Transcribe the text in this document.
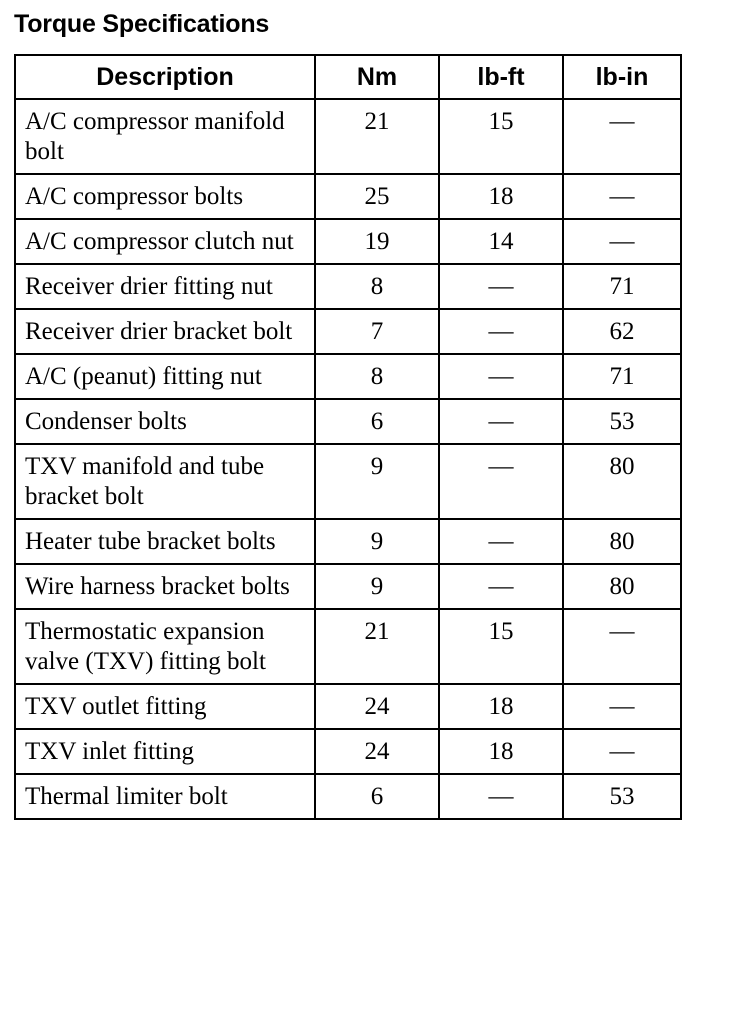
Torque Specifications
Description	Nm	lb-ft	lb-in
A/C compressor manifold bolt	21	15	—
A/C compressor bolts	25	18	—
A/C compressor clutch nut	19	14	—
Receiver drier fitting nut	8	—	71
Receiver drier bracket bolt	7	—	62
A/C (peanut) fitting nut	8	—	71
Condenser bolts	6	—	53
TXV manifold and tube bracket bolt	9	—	80
Heater tube bracket bolts	9	—	80
Wire harness bracket bolts	9	—	80
Thermostatic expansion valve (TXV) fitting bolt	21	15	—
TXV outlet fitting	24	18	—
TXV inlet fitting	24	18	—
Thermal limiter bolt	6	—	53
